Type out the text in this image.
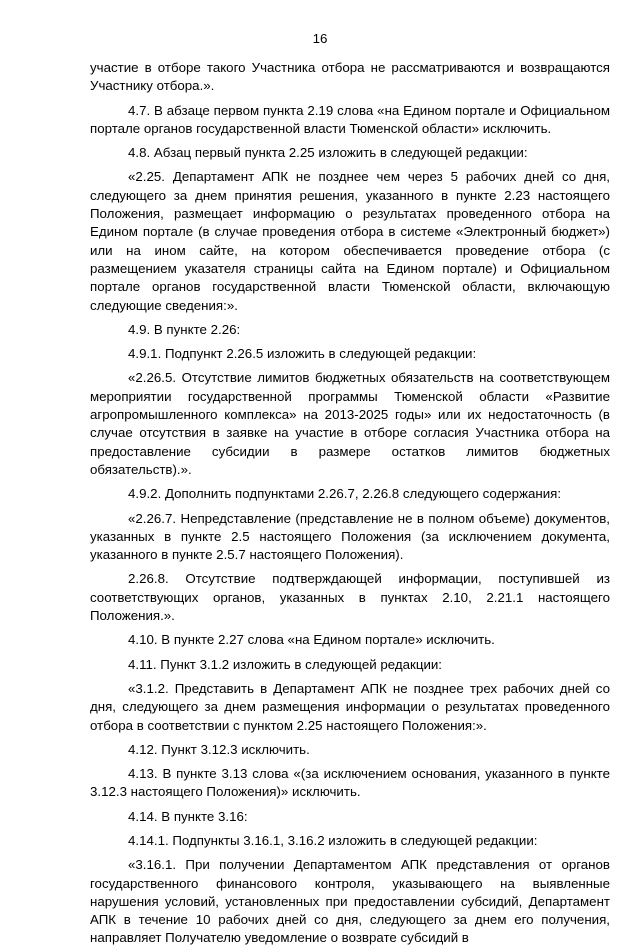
16

участие в отборе такого Участника отбора не рассматриваются и возвращаются Участнику отбора.».

4.7. В абзаце первом пункта 2.19 слова «на Едином портале и Официальном портале органов государственной власти Тюменской области» исключить.

4.8. Абзац первый пункта 2.25 изложить в следующей редакции:

«2.25. Департамент АПК не позднее чем через 5 рабочих дней со дня, следующего за днем принятия решения, указанного в пункте 2.23 настоящего Положения, размещает информацию о результатах проведенного отбора на Едином портале (в случае проведения отбора в системе «Электронный бюджет») или на ином сайте, на котором обеспечивается проведение отбора (с размещением указателя страницы сайта на Едином портале) и Официальном портале органов государственной власти Тюменской области, включающую следующие сведения:».

4.9. В пункте 2.26:

4.9.1. Подпункт 2.26.5 изложить в следующей редакции:

«2.26.5. Отсутствие лимитов бюджетных обязательств на соответствующем мероприятии государственной программы Тюменской области «Развитие агропромышленного комплекса» на 2013-2025 годы» или их недостаточность (в случае отсутствия в заявке на участие в отборе согласия Участника отбора на предоставление субсидии в размере остатков лимитов бюджетных обязательств).».

4.9.2. Дополнить подпунктами 2.26.7, 2.26.8 следующего содержания:

«2.26.7. Непредставление (представление не в полном объеме) документов, указанных в пункте 2.5 настоящего Положения (за исключением документа, указанного в пункте 2.5.7 настоящего Положения).

2.26.8. Отсутствие подтверждающей информации, поступившей из соответствующих органов, указанных в пунктах 2.10, 2.21.1 настоящего Положения.».

4.10. В пункте 2.27 слова «на Едином портале» исключить.

4.11. Пункт 3.1.2 изложить в следующей редакции:

«3.1.2. Представить в Департамент АПК не позднее трех рабочих дней со дня, следующего за днем размещения информации о результатах проведенного отбора в соответствии с пунктом 2.25 настоящего Положения:».

4.12. Пункт 3.12.3 исключить.

4.13. В пункте 3.13 слова «(за исключением основания, указанного в пункте 3.12.3 настоящего Положения)» исключить.

4.14. В пункте 3.16:

4.14.1. Подпункты 3.16.1, 3.16.2 изложить в следующей редакции:

«3.16.1. При получении Департаментом АПК представления от органов государственного финансового контроля, указывающего на выявленные нарушения условий, установленных при предоставлении субсидий, Департамент АПК в течение 10 рабочих дней со дня, следующего за днем его получения, направляет Получателю уведомление о возврате субсидий в
